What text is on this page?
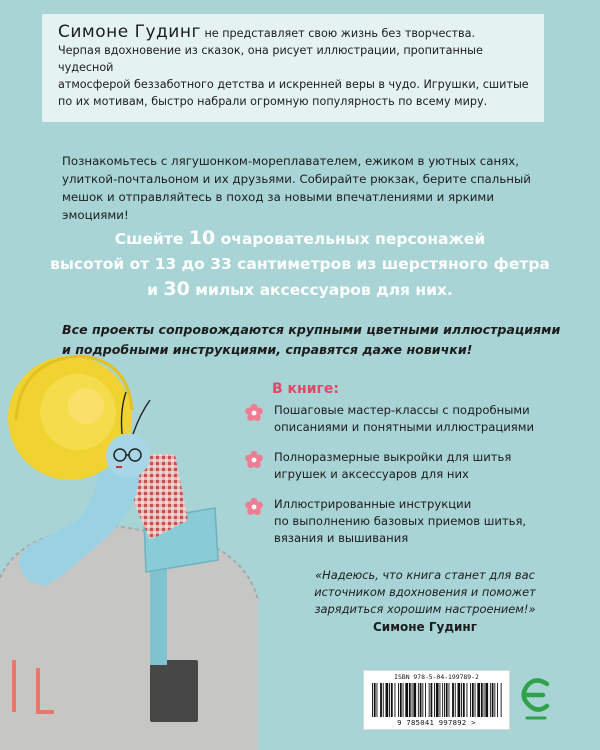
Симоне Гудинг не представляет свою жизнь без творчества.
Черпая вдохновение из сказок, она рисует иллюстрации, пропитанные чудесной
атмосферой беззаботного детства и искренней веры в чудо. Игрушки, сшитые
по их мотивам, быстро набрали огромную популярность по всему миру.
Познакомьтесь с лягушонком-мореплавателем, ежиком в уютных санях,
улиткой-почтальоном и их друзьями. Собирайте рюкзак, берите спальный
мешок и отправляйтесь в поход за новыми впечатлениями и яркими эмоциями!
Сшейте 10 очаровательных персонажей
высотой от 13 до 33 сантиметров из шерстяного фетра
и 30 милых аксессуаров для них.
Все проекты сопровождаются крупными цветными иллюстрациями
и подробными инструкциями, справятся даже новички!
В книге:
Пошаговые мастер-классы с подробными
описаниями и понятными иллюстрациями
Полноразмерные выкройки для шитья
игрушек и аксессуаров для них
Иллюстрированные инструкции
по выполнению базовых приемов шитья,
вязания и вышивания
«Надеюсь, что книга станет для вас
источником вдохновения и поможет
зарядиться хорошим настроением!»
Симоне Гудинг
ISBN 978-5-04-199789-2
9 785041 997892 >
